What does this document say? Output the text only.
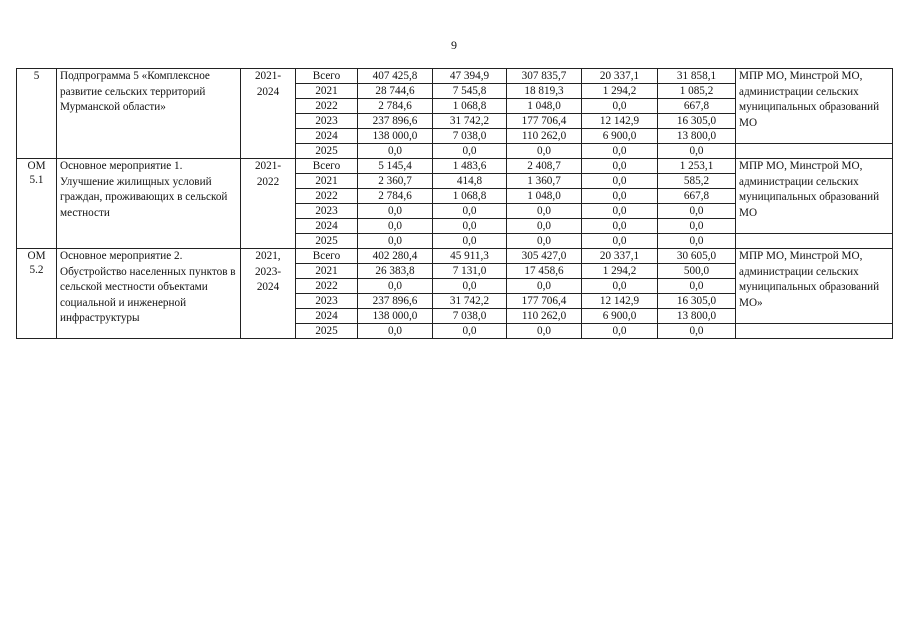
9
5	Подпрограмма 5 «Комплексное развитие сельских территорий Мурманской области»	2021-2024	Всего	407 425,8	47 394,9	307 835,7	20 337,1	31 858,1	МПР МО, Минстрой МО, администрации сельских муниципальных образований МО
			2021	28 744,6	7 545,8	18 819,3	1 294,2	1 085,2	
			2022	2 784,6	1 068,8	1 048,0	0,0	667,8	
			2023	237 896,6	31 742,2	177 706,4	12 142,9	16 305,0	
			2024	138 000,0	7 038,0	110 262,0	6 900,0	13 800,0	
			2025	0,0	0,0	0,0	0,0	0,0	
ОМ 5.1	Основное мероприятие 1. Улучшение жилищных условий граждан, проживающих в сельской местности	2021-2022	Всего	5 145,4	1 483,6	2 408,7	0,0	1 253,1	МПР МО, Минстрой МО, администрации сельских муниципальных образований МО
			2021	2 360,7	414,8	1 360,7	0,0	585,2	
			2022	2 784,6	1 068,8	1 048,0	0,0	667,8	
			2023	0,0	0,0	0,0	0,0	0,0	
			2024	0,0	0,0	0,0	0,0	0,0	
			2025	0,0	0,0	0,0	0,0	0,0	
ОМ 5.2	Основное мероприятие 2. Обустройство населенных пунктов в сельской местности объектами социальной и инженерной инфраструктуры	2021, 2023-2024	Всего	402 280,4	45 911,3	305 427,0	20 337,1	30 605,0	МПР МО, Минстрой МО, администрации сельских муниципальных образований МО»
			2021	26 383,8	7 131,0	17 458,6	1 294,2	500,0	
			2022	0,0	0,0	0,0	0,0	0,0	
			2023	237 896,6	31 742,2	177 706,4	12 142,9	16 305,0	
			2024	138 000,0	7 038,0	110 262,0	6 900,0	13 800,0	
			2025	0,0	0,0	0,0	0,0	0,0	
